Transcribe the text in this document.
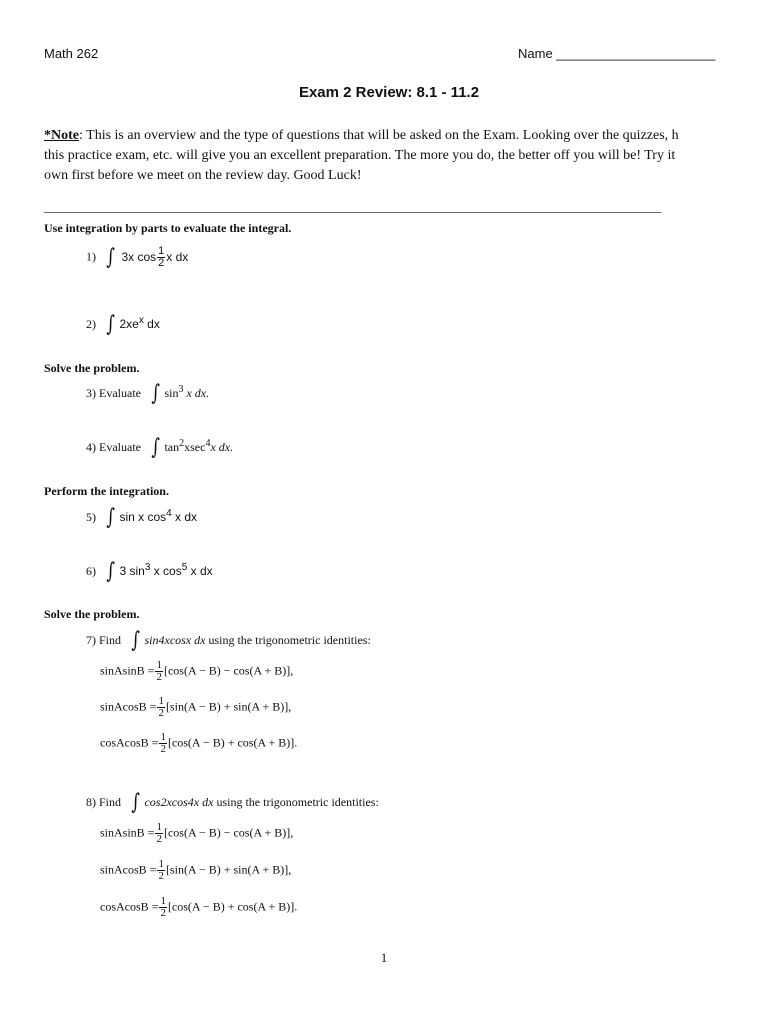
Math 262	Name ______________________
Exam 2 Review: 8.1 - 11.2
*Note: This is an overview and the type of questions that will be asked on the Exam. Looking over the quizzes, h
this practice exam, etc. will give you an excellent preparation. The more you do, the better off you will be! Try it
own first before we meet on the review day. Good Luck!
_______________________________________________________________________________________________
Use integration by parts to evaluate the integral.
1) ∫ 3x $\cos \frac{1}{2}$ x dx
2) ∫ $2xe^x$ dx
Solve the problem.
3) Evaluate ∫ $\sin^3 x$ dx.
4) Evaluate ∫ $\tan^2xsec^4x$ dx.
Perform the integration.
5) ∫ sin x $\cos^4 x$ dx
6) ∫ 3 $\sin^3 x$ $\cos^5 x$ dx
Solve the problem.
7) Find ∫ sin4xcosx dx using the trigonometric identities:
sinAsinB = $\frac{1}{2} [\cos(A - B) - \cos(A + B)]$,
sinAcosB = $\frac{1}{2} [\sin(A - B) + \sin(A + B)]$,
cosAcosB = $\frac{1}{2} [\cos(A - B) + \cos(A + B)]$.
8) Find ∫ cos2xcos4x dx using the trigonometric identities:
sinAsinB = $\frac{1}{2} [\cos(A - B) - \cos(A + B)]$,
sinAcosB = $\frac{1}{2} [\sin(A - B) + \sin(A + B)]$,
cosAcosB = $\frac{1}{2} [\cos(A - B) + \cos(A + B)]$.
1
